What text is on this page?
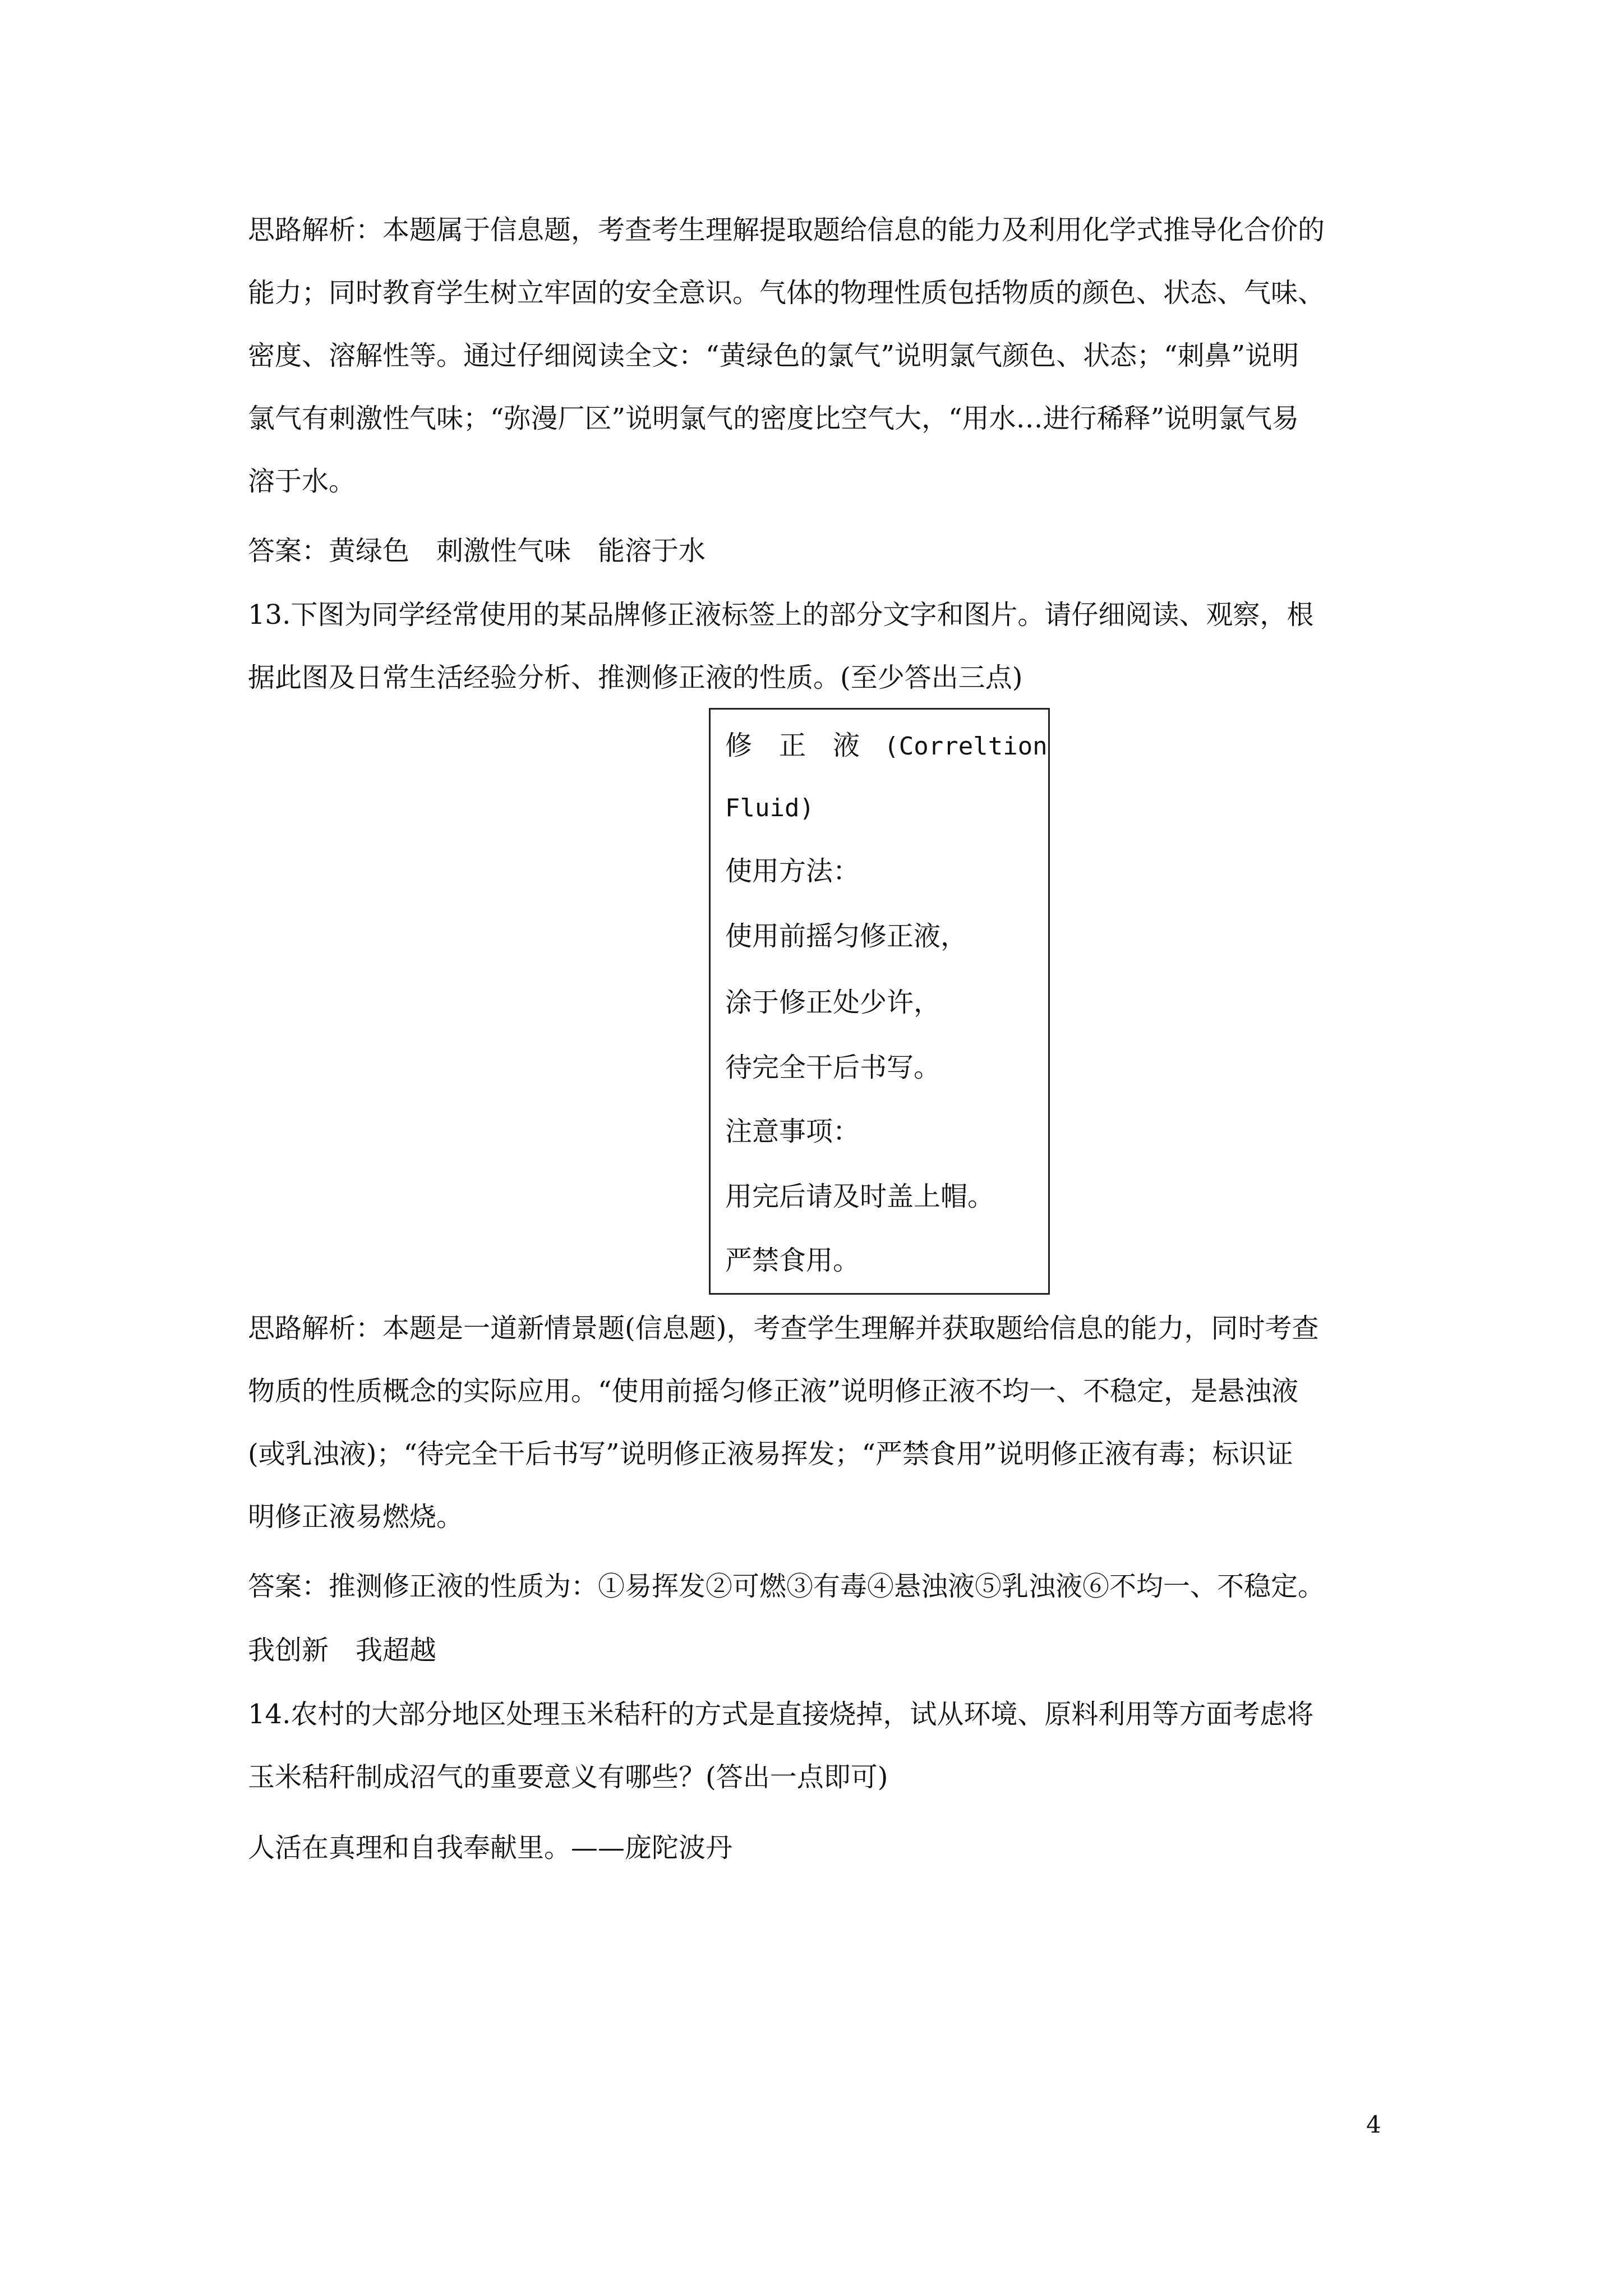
思路解析：本题属于信息题，考查考生理解提取题给信息的能力及利用化学式推导化合价的
能力；同时教育学生树立牢固的安全意识。气体的物理性质包括物质的颜色、状态、气味、
密度、溶解性等。通过仔细阅读全文：“黄绿色的氯气”说明氯气颜色、状态；“刺鼻”说明
氯气有刺激性气味；“弥漫厂区”说明氯气的密度比空气大，“用水…进行稀释”说明氯气易
溶于水。
答案：黄绿色　刺激性气味　能溶于水
13.下图为同学经常使用的某品牌修正液标签上的部分文字和图片。请仔细阅读、观察，根
据此图及日常生活经验分析、推测修正液的性质。(至少答出三点)
修　正　液 (Correltion
Fluid)
使用方法：
使用前摇匀修正液，
涂于修正处少许，
待完全干后书写。
注意事项：
用完后请及时盖上帽。
严禁食用。
思路解析：本题是一道新情景题(信息题)，考查学生理解并获取题给信息的能力，同时考查
物质的性质概念的实际应用。“使用前摇匀修正液”说明修正液不均一、不稳定，是悬浊液
(或乳浊液)；“待完全干后书写”说明修正液易挥发；“严禁食用”说明修正液有毒；标识证
明修正液易燃烧。
答案：推测修正液的性质为：①易挥发②可燃③有毒④悬浊液⑤乳浊液⑥不均一、不稳定。
我创新　我超越
14.农村的大部分地区处理玉米秸秆的方式是直接烧掉，试从环境、原料利用等方面考虑将
玉米秸秆制成沼气的重要意义有哪些？(答出一点即可)
人活在真理和自我奉献里。——庞陀波丹
4
